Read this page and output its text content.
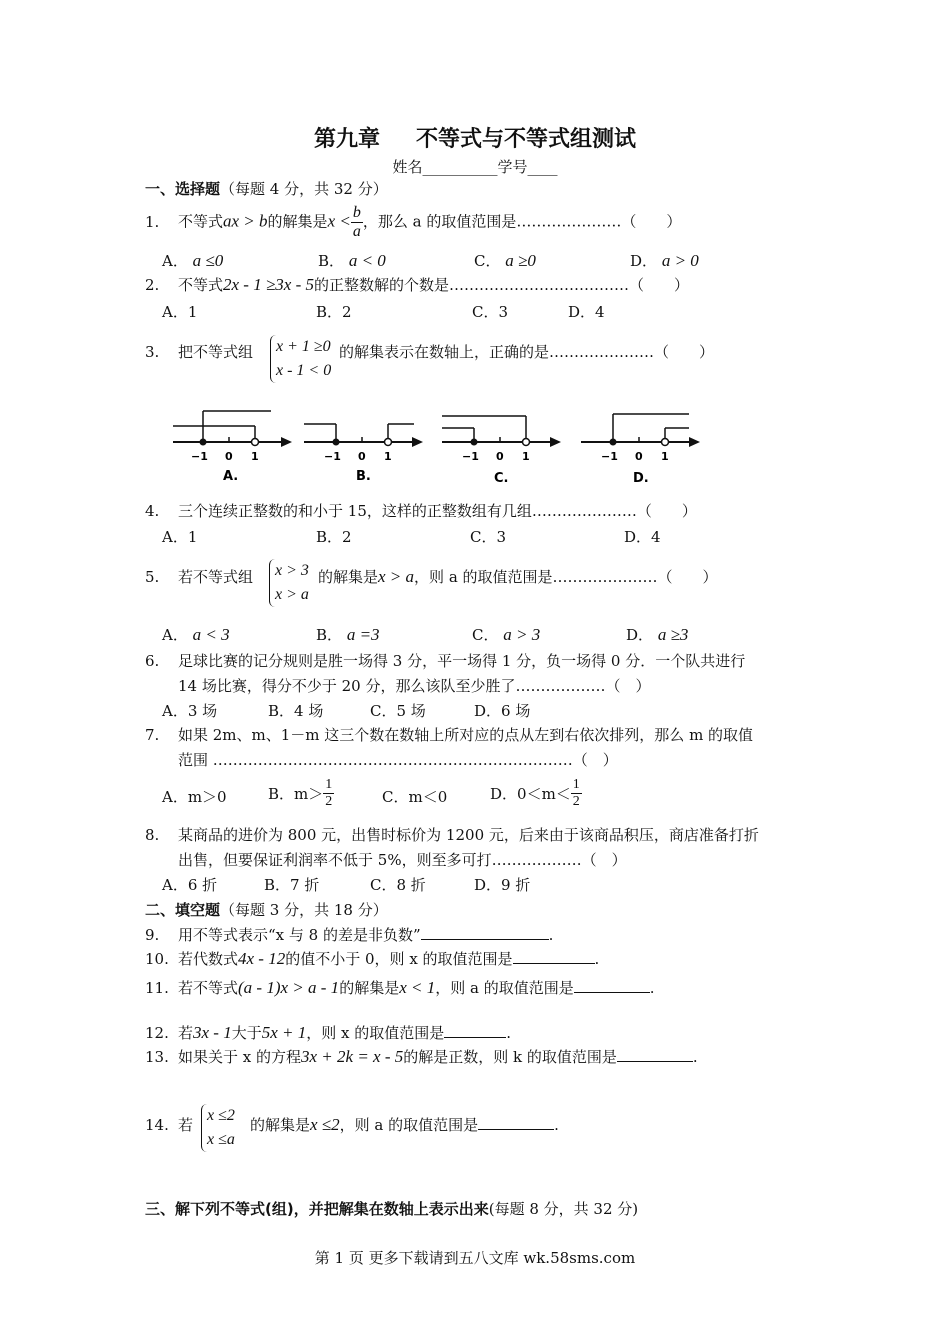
第九章 不等式与不等式组测试
姓名__________学号____
一、选择题（每题 4 分，共 32 分）
1. 不等式ax > b的解集是$x < \frac{b}{a}$ ，那么 a 的取值范围是…………………（　　）
A． a ≤0	B． a < 0	C． a ≥0	D． a > 0
2. 不等式2x - 1 ≥3x - 5的正整数解的个数是………………………………（　　）
A．1	B．2	C．3	D．4
3. 把不等式组 x + 1 ≥0
x - 1 < 0
的解集表示在数轴上，正确的是…………………（　　）
−1 0 1
A.
−1 0 1
B.
−1 0 1
C.
−1 0 1
D.
4. 三个连续正整数的和小于 15，这样的正整数组有几组…………………（　　）
A．1	B．2	C．3	D．4
5. 若不等式组 x > 3
x > a
的解集是x > a，则 a 的取值范围是…………………（　　）
A． a < 3	B． a =3	C． a > 3	D． a ≥3
6. 足球比赛的记分规则是胜一场得 3 分，平一场得 1 分，负一场得 0 分．一个队共进行
14 场比赛，得分不少于 20 分，那么该队至少胜了………………（　）
A．3 场	B．4 场	C．5 场	D．6 场
7. 如果 2m、m、1－m 这三个数在数轴上所对应的点从左到右依次排列，那么 m 的取值
范围 ………………………………………………………………（　）
A．m＞0	B．$m> \frac{1}{2}$	C．m＜0	D．$0<m< \frac{1}{2}$
8. 某商品的进价为 800 元，出售时标价为 1200 元，后来由于该商品积压，商店准备打折
出售，但要保证利润率不低于 5%，则至多可打………………（　）
A．6 折	B．7 折	C．8 折	D．9 折
二、填空题（每题 3 分，共 18 分）
9. 用不等式表示“x 与 8 的差是非负数”	.
10. 若代数式4x - 12的值不小于 0，则 x 的取值范围是	.
11. 若不等式(a - 1)x > a - 1的解集是x < 1，则 a 的取值范围是	.
12. 若3x - 1大于5x + 1，则 x 的取值范围是	.
13. 如果关于 x 的方程3x + 2k = x - 5的解是正数，则 k 的取值范围是	.
14. 若
x ≤2
x ≤a
的解集是x ≤2，则 a 的取值范围是	.
三、解下列不等式(组)，并把解集在数轴上表示出来(每题 8 分，共 32 分)
第 1 页 更多下载请到五八文库 wk.58sms.com
